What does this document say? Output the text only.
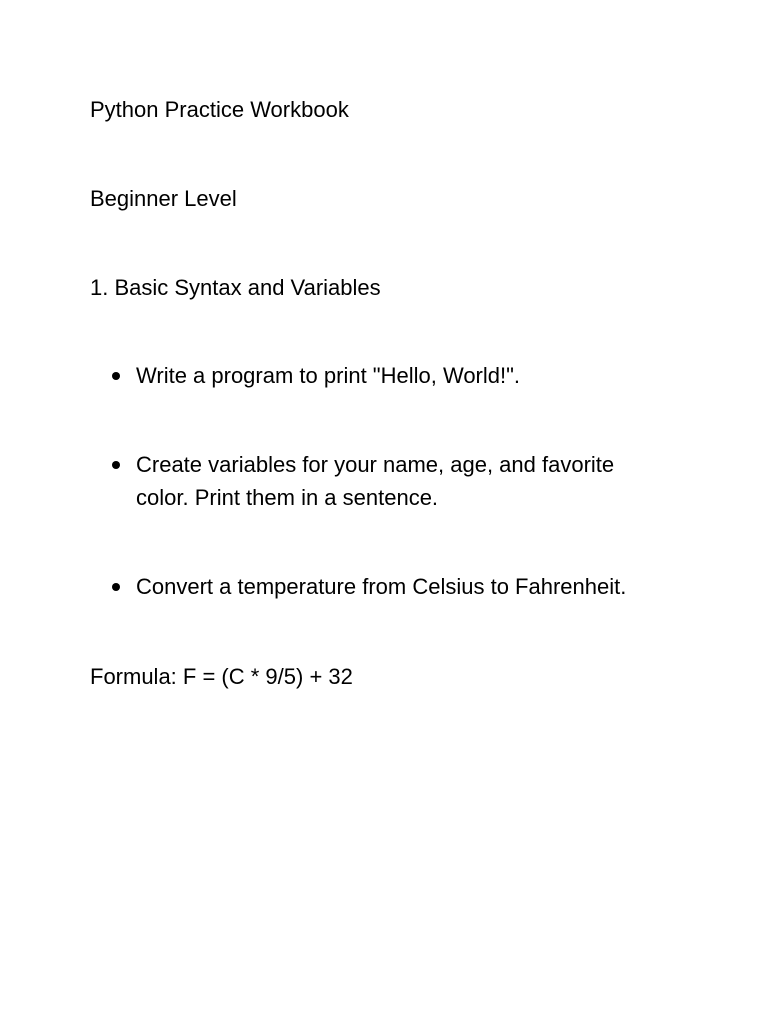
Python Practice Workbook

Beginner Level

1. Basic Syntax and Variables

Write a program to print "Hello, World!".
Create variables for your name, age, and favorite color. Print them in a sentence.
Convert a temperature from Celsius to Fahrenheit.

Formula: F = (C * 9/5) + 32
